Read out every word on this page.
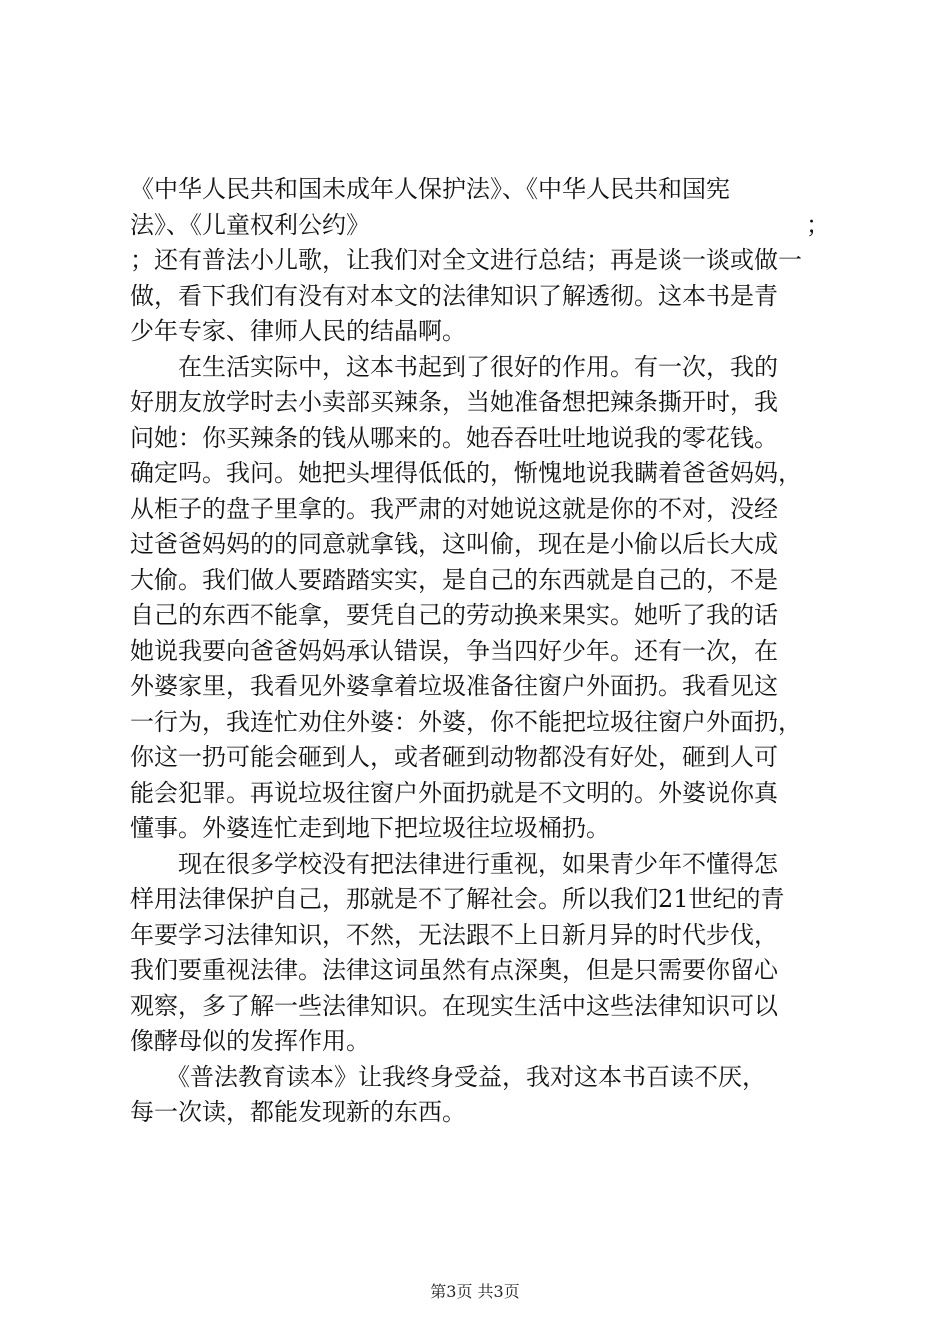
《中华人民共和国未成年人保护法》、《中华人民共和国宪
法》、《儿童权利公约》	；
；还有普法小儿歌，让我们对全文进行总结；再是谈一谈或做一
做，看下我们有没有对本文的法律知识了解透彻。这本书是青
少年专家、律师人民的结晶啊。
　　在生活实际中，这本书起到了很好的作用。有一次，我的
好朋友放学时去小卖部买辣条，当她准备想把辣条撕开时，我
问她：你买辣条的钱从哪来的。她吞吞吐吐地说我的零花钱。
确定吗。我问。她把头埋得低低的，惭愧地说我瞒着爸爸妈妈，
从柜子的盘子里拿的。我严肃的对她说这就是你的不对，没经
过爸爸妈妈的的同意就拿钱，这叫偷，现在是小偷以后长大成
大偷。我们做人要踏踏实实，是自己的东西就是自己的，不是
自己的东西不能拿，要凭自己的劳动换来果实。她听了我的话
她说我要向爸爸妈妈承认错误，争当四好少年。还有一次，在
外婆家里，我看见外婆拿着垃圾准备往窗户外面扔。我看见这
一行为，我连忙劝住外婆：外婆，你不能把垃圾往窗户外面扔，
你这一扔可能会砸到人，或者砸到动物都没有好处，砸到人可
能会犯罪。再说垃圾往窗户外面扔就是不文明的。外婆说你真
懂事。外婆连忙走到地下把垃圾往垃圾桶扔。
　　现在很多学校没有把法律进行重视，如果青少年不懂得怎
样用法律保护自己，那就是不了解社会。所以我们21世纪的青
年要学习法律知识，不然，无法跟不上日新月异的时代步伐，
我们要重视法律。法律这词虽然有点深奥，但是只需要你留心
观察，多了解一些法律知识。在现实生活中这些法律知识可以
像酵母似的发挥作用。
　　《普法教育读本》让我终身受益，我对这本书百读不厌，
每一次读，都能发现新的东西。
第3页 共3页
